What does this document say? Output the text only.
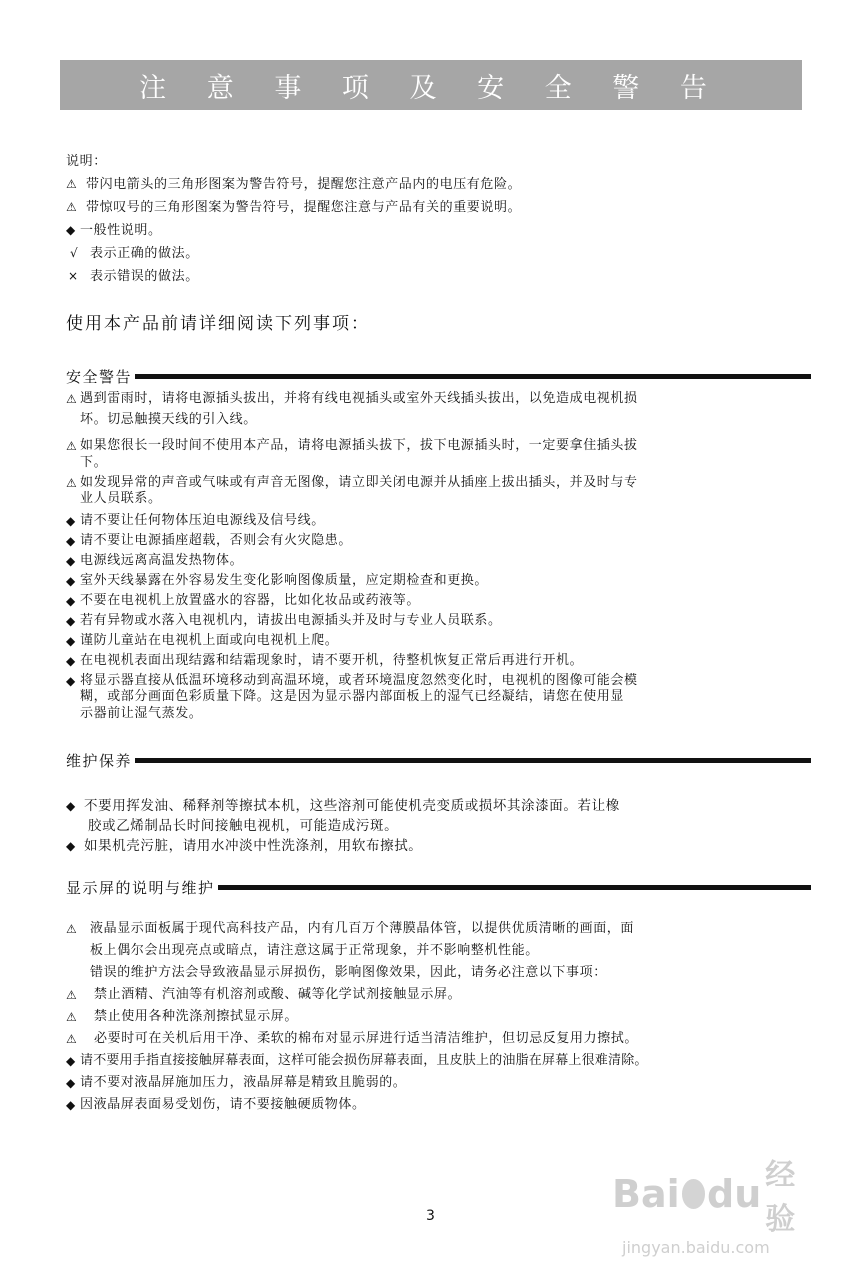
注 意 事 项 及 安 全 警 告
说明：
⚠ 带闪电箭头的三角形图案为警告符号，提醒您注意产品内的电压有危险。
⚠ 带惊叹号的三角形图案为警告符号，提醒您注意与产品有关的重要说明。
◆ 一般性说明。
√ 表示正确的做法。
× 表示错误的做法。
使用本产品前请详细阅读下列事项：
安全警告
⚠ 遇到雷雨时，请将电源插头拔出，并将有线电视插头或室外天线插头拔出，以免造成电视机损
坏。切忌触摸天线的引入线。
⚠ 如果您很长一段时间不使用本产品，请将电源插头拔下，拔下电源插头时，一定要拿住插头拔
下。
⚠ 如发现异常的声音或气味或有声音无图像，请立即关闭电源并从插座上拔出插头，并及时与专
业人员联系。
◆ 请不要让任何物体压迫电源线及信号线。
◆ 请不要让电源插座超载，否则会有火灾隐患。
◆ 电源线远离高温发热物体。
◆ 室外天线暴露在外容易发生变化影响图像质量，应定期检查和更换。
◆ 不要在电视机上放置盛水的容器，比如化妆品或药液等。
◆ 若有异物或水落入电视机内，请拔出电源插头并及时与专业人员联系。
◆ 谨防儿童站在电视机上面或向电视机上爬。
◆ 在电视机表面出现结露和结霜现象时，请不要开机，待整机恢复正常后再进行开机。
◆ 将显示器直接从低温环境移动到高温环境，或者环境温度忽然变化时，电视机的图像可能会模
糊，或部分画面色彩质量下降。这是因为显示器内部面板上的湿气已经凝结，请您在使用显
示器前让湿气蒸发。
维护保养
◆ 不要用挥发油、稀释剂等擦拭本机，这些溶剂可能使机壳变质或损坏其涂漆面。若让橡
胶或乙烯制品长时间接触电视机，可能造成污斑。
◆ 如果机壳污脏，请用水冲淡中性洗涤剂，用软布擦拭。
显示屏的说明与维护
⚠ 液晶显示面板属于现代高科技产品，内有几百万个薄膜晶体管，以提供优质清晰的画面，面
板上偶尔会出现亮点或暗点，请注意这属于正常现象，并不影响整机性能。
错误的维护方法会导致液晶显示屏损伤，影响图像效果，因此，请务必注意以下事项：
⚠	禁止酒精、汽油等有机溶剂或酸、碱等化学试剂接触显示屏。
⚠	禁止使用各种洗涤剂擦拭显示屏。
⚠	必要时可在关机后用干净、柔软的棉布对显示屏进行适当清洁维护，但切忌反复用力擦拭。
◆ 请不要用手指直接接触屏幕表面，这样可能会损伤屏幕表面，且皮肤上的油脂在屏幕上很难清除。
◆ 请不要对液晶屏施加压力，液晶屏幕是精致且脆弱的。
◆ 因液晶屏表面易受划伤，请不要接触硬质物体。
3	Bai du 经验
jingyan.baidu.com
